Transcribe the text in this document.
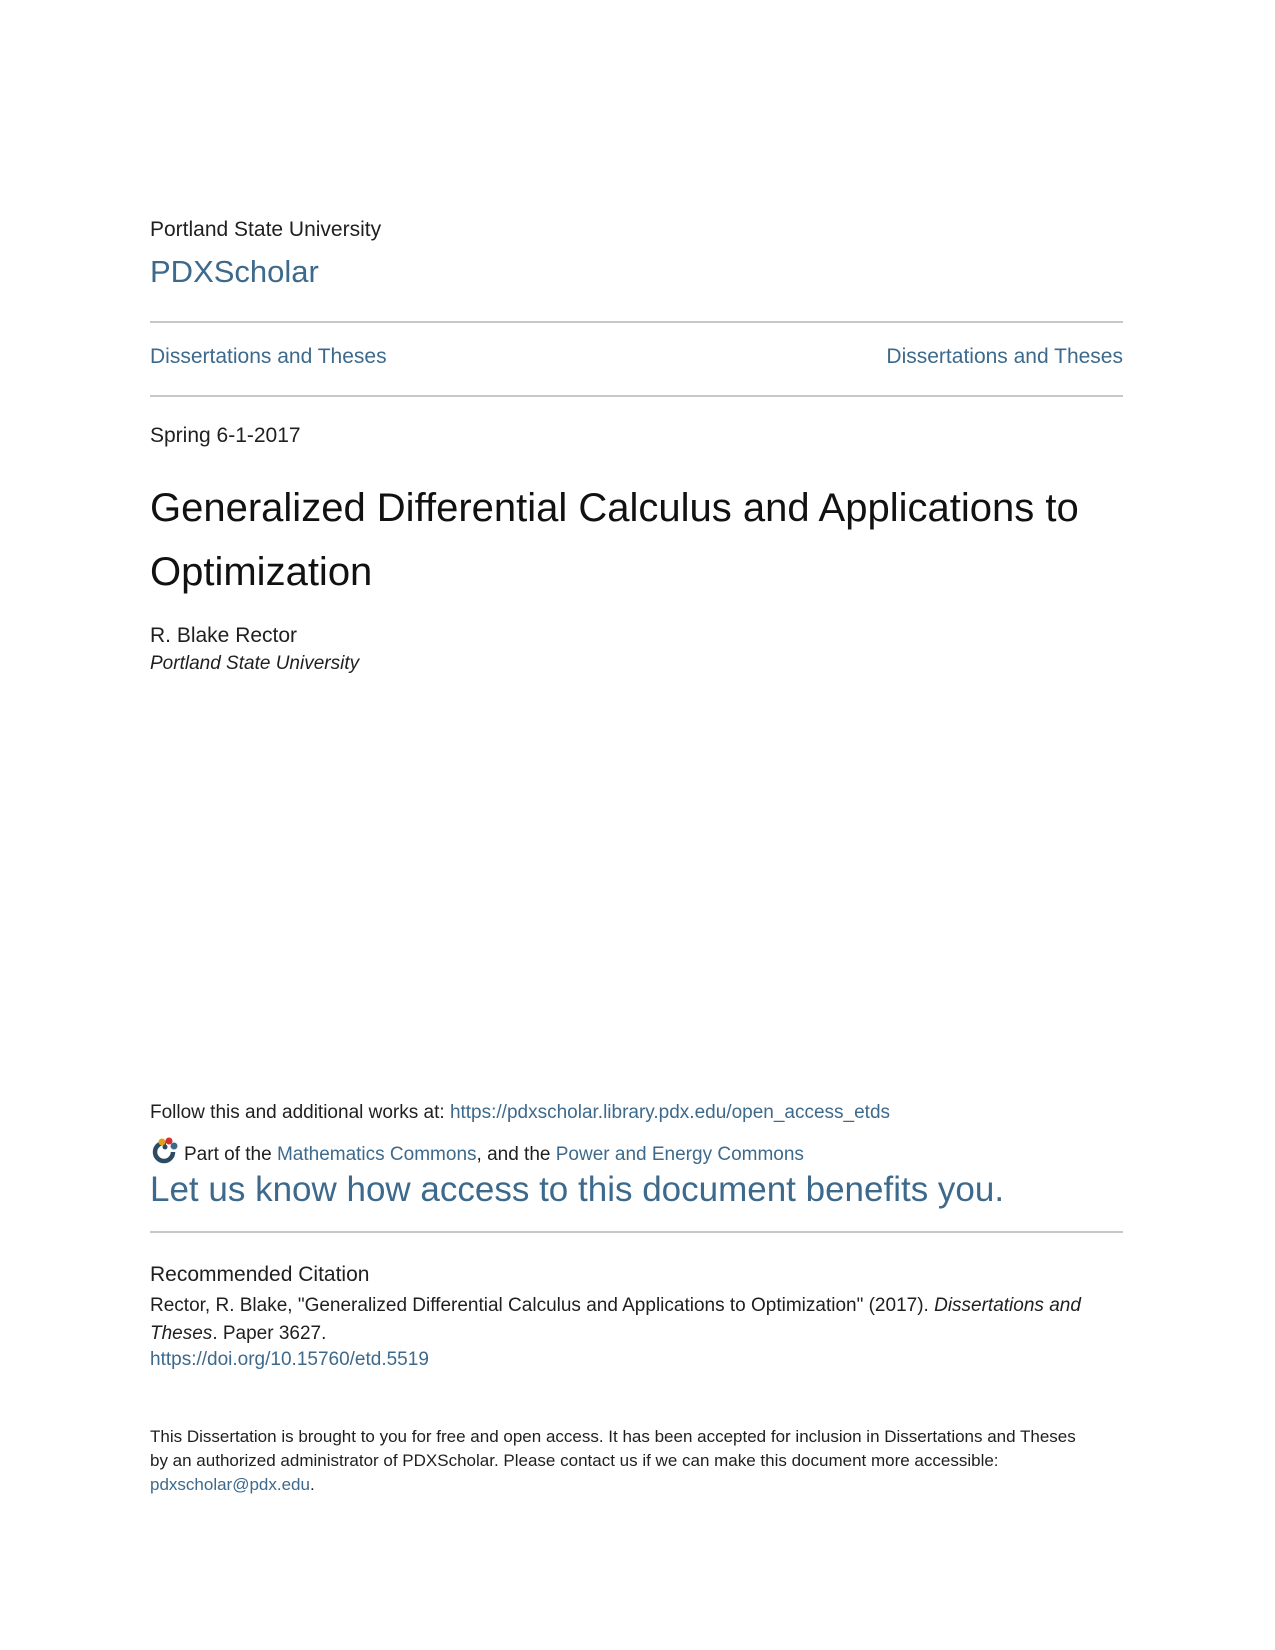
Portland State University
PDXScholar
Dissertations and Theses	Dissertations and Theses
Spring 6-1-2017
Generalized Differential Calculus and Applications to Optimization
R. Blake Rector
Portland State University
Follow this and additional works at: https://pdxscholar.library.pdx.edu/open_access_etds
Part of the Mathematics Commons , and the Power and Energy Commons
Let us know how access to this document benefits you.
Recommended Citation
Rector, R. Blake, "Generalized Differential Calculus and Applications to Optimization" (2017). Dissertations and Theses. Paper 3627.
https://doi.org/10.15760/etd.5519
This Dissertation is brought to you for free and open access. It has been accepted for inclusion in Dissertations and Theses by an authorized administrator of PDXScholar. Please contact us if we can make this document more accessible: pdxscholar@pdx.edu.
